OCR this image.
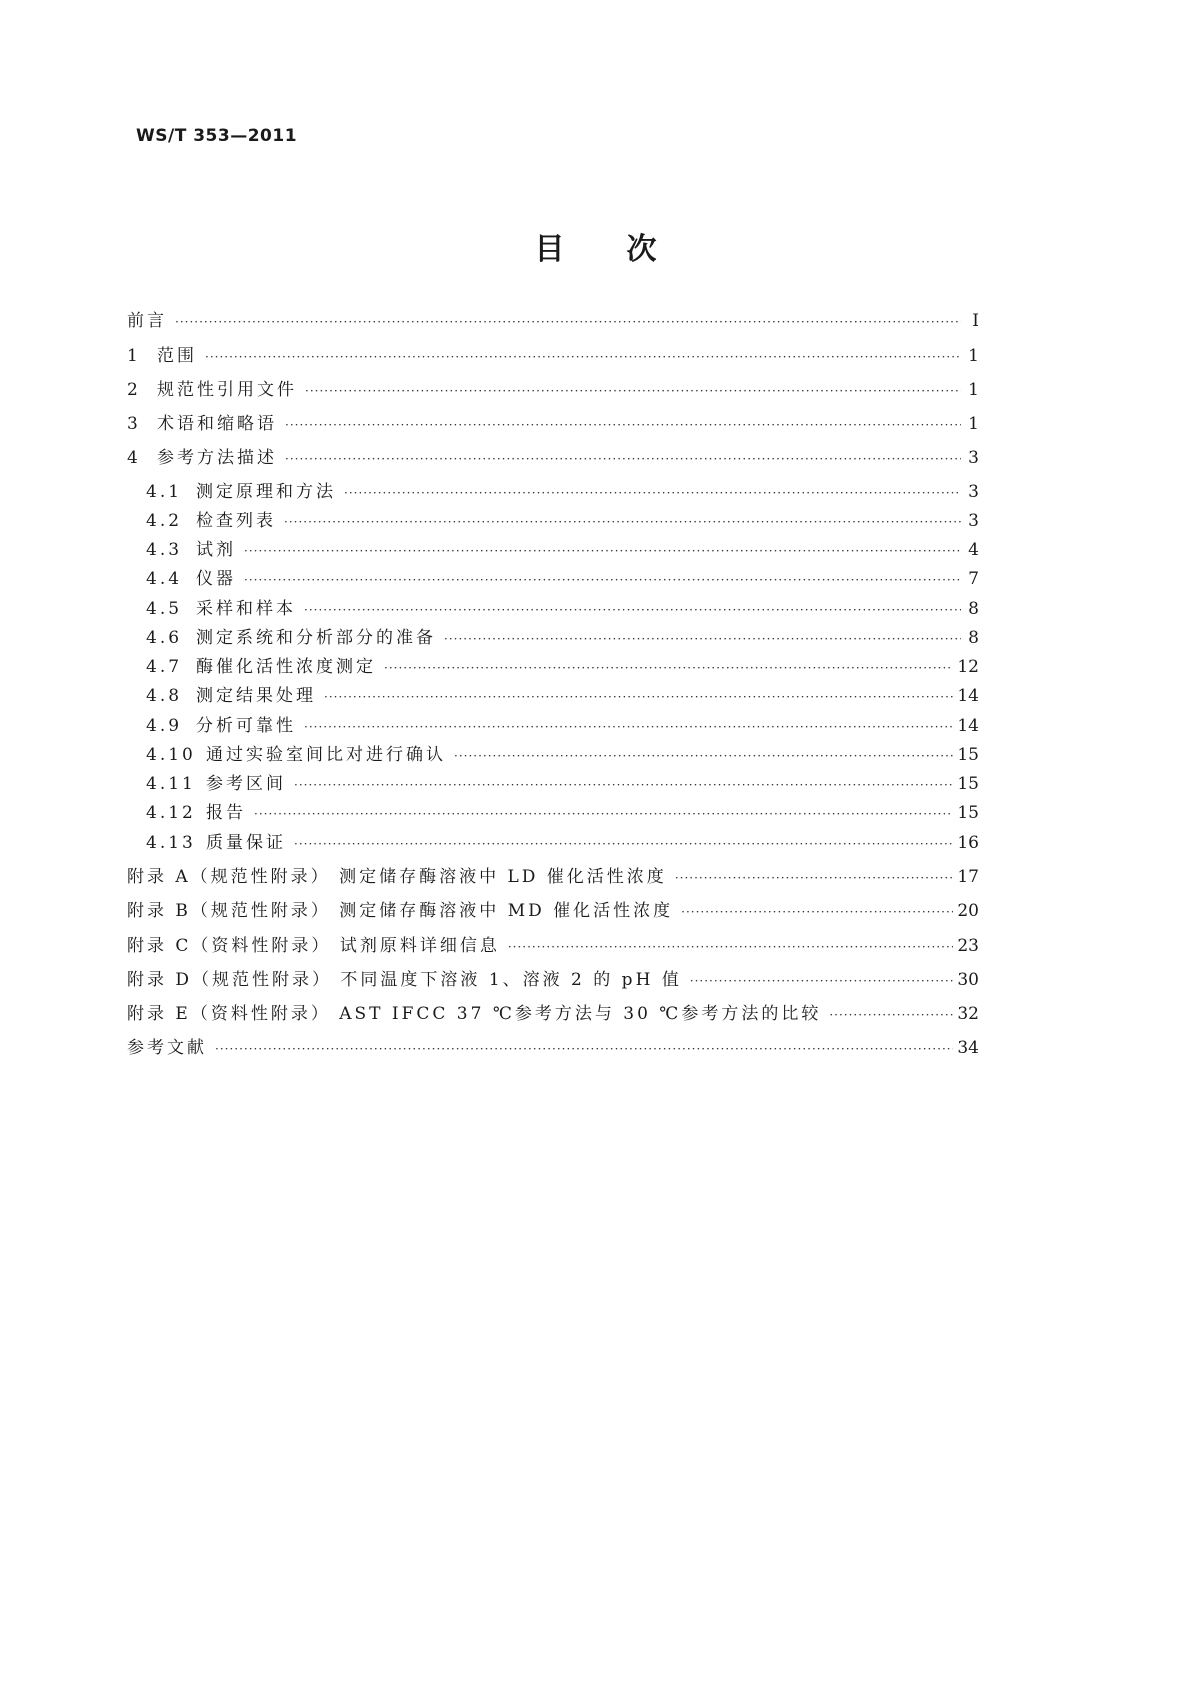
WS/T 353—2011
目次
前言 ·····	Ⅰ
1 范围 ·····	1
2 规范性引用文件 ·····	1
3 术语和缩略语 ·····	1
4 参考方法描述 ·····	3
4.1 测定原理和方法 ·····	3
4.2 检查列表 ·····	3
4.3 试剂 ·····	4
4.4 仪器 ·····	7
4.5 采样和样本 ·····	8
4.6 测定系统和分析部分的准备 ·····	8
4.7 酶催化活性浓度测定 ·····	12
4.8 测定结果处理 ·····	14
4.9 分析可靠性 ·····	14
4.10 通过实验室间比对进行确认 ·····	15
4.11 参考区间 ·····	15
4.12 报告 ·····	15
4.13 质量保证 ·····	16
附录 A（规范性附录） 测定储存酶溶液中 LD 催化活性浓度 ·····	17
附录 B（规范性附录） 测定储存酶溶液中 MD 催化活性浓度 ·····	20
附录 C（资料性附录） 试剂原料详细信息 ·····	23
附录 D（规范性附录） 不同温度下溶液 1、溶液 2 的 pH 值 ·····	30
附录 E（资料性附录） AST IFCC 37 ℃参考方法与 30 ℃参考方法的比较 ·····	32
参考文献 ·····	34
